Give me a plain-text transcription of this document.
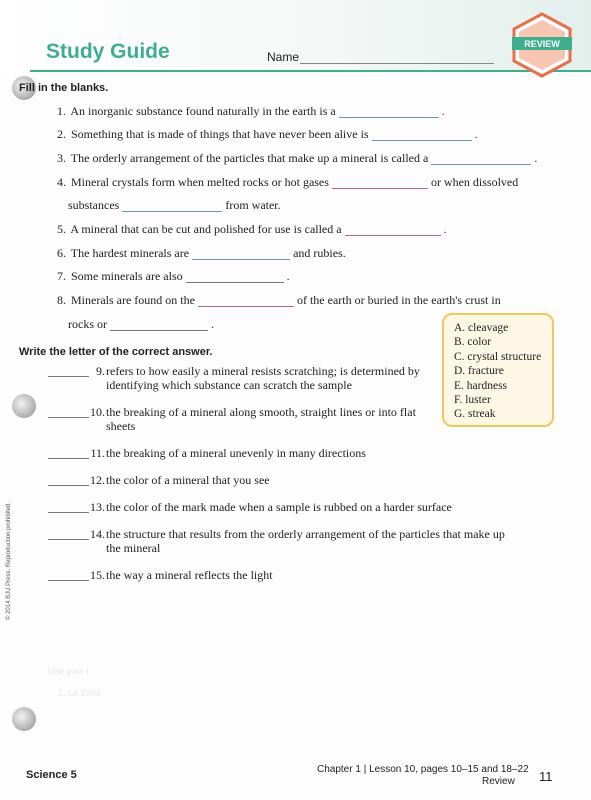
Study Guide	Name
REVIEW
Fill in the blanks.
1. An inorganic substance found naturally in the earth is a	.
2. Something that is made of things that have never been alive is	.
3. The orderly arrangement of the particles that make up a mineral is called a	.
4. Mineral crystals form when melted rocks or hot gases	or when dissolved
substances	from water.
5. A mineral that can be cut and polished for use is called a	.
6. The hardest minerals are	and rubies.
7. Some minerals are also	.
8. Minerals are found on the	of the earth or buried in the earth's crust in
rocks or	.	A. cleavage
B. color
C. crystal structure
D. fracture
E. hardness
F. luster
G. streak
Write the letter of the correct answer.
9. refers to how easily a mineral resists scratching; is determined by
identifying which substance can scratch the sample
10. the breaking of a mineral along smooth, straight lines or into flat
sheets
11. the breaking of a mineral unevenly in many directions
12. the color of a mineral that you see
13. the color of the mark made when a sample is rubbed on a harder surface
14. the structure that results from the orderly arrangement of the particles that make up
the mineral
15. the way a mineral reflects the light
Use your t
1. Le 2004
© 2014 BJU Press. Reproduction prohibited.
Science 5	Chapter 1 | Lesson 10, pages 10–15 and 18–22
Review 11
